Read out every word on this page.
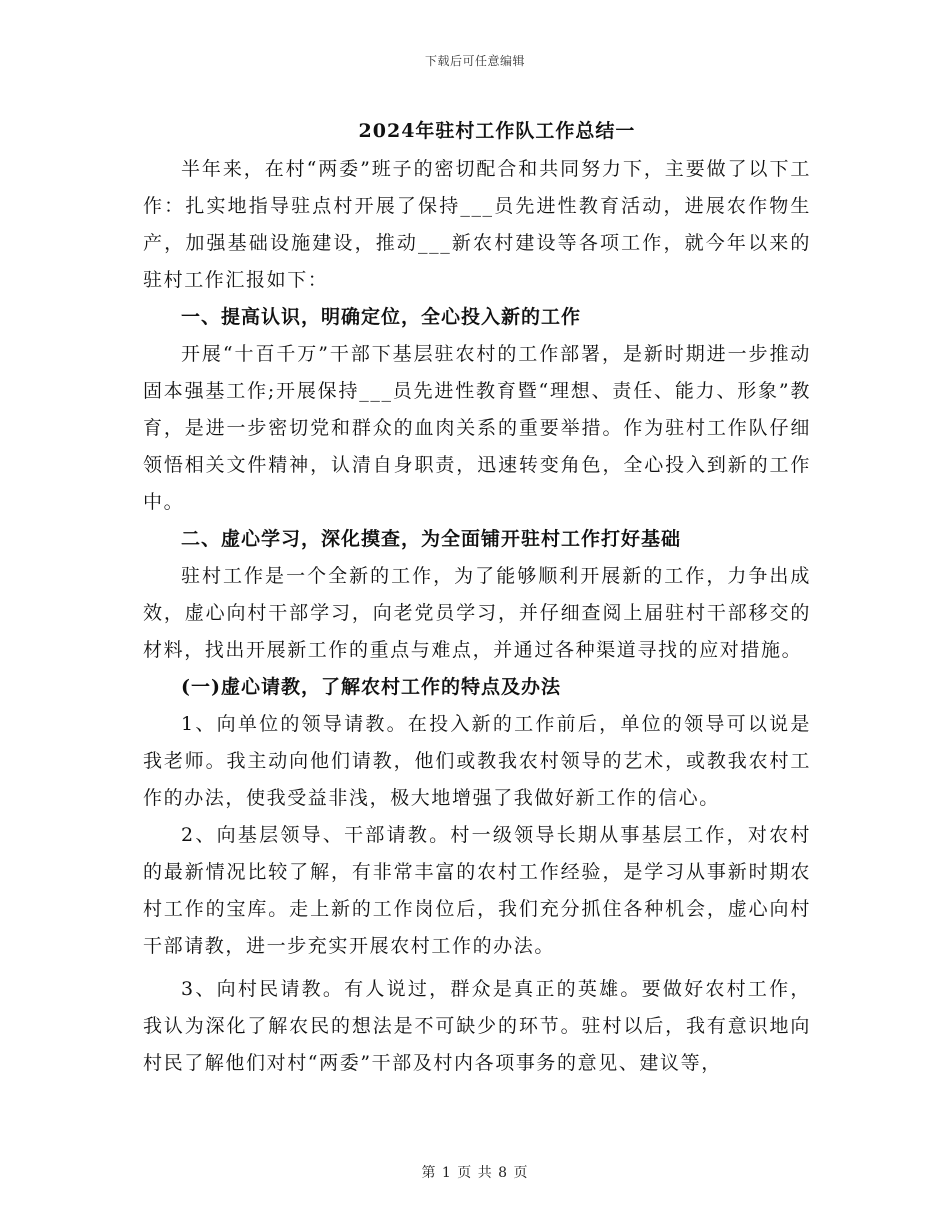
下载后可任意编辑
2024年驻村工作队工作总结一

半年来，在村“两委”班子的密切配合和共同努力下，主要做了以下工作：扎实地指导驻点村开展了保持___员先进性教育活动，进展农作物生产，加强基础设施建设，推动___新农村建设等各项工作，就今年以来的驻村工作汇报如下：

一、提高认识，明确定位，全心投入新的工作

开展“十百千万”干部下基层驻农村的工作部署，是新时期进一步推动固本强基工作;开展保持___员先进性教育暨“理想、责任、能力、形象”教育，是进一步密切党和群众的血肉关系的重要举措。作为驻村工作队仔细领悟相关文件精神，认清自身职责，迅速转变角色，全心投入到新的工作中。

二、虚心学习，深化摸查，为全面铺开驻村工作打好基础

驻村工作是一个全新的工作，为了能够顺利开展新的工作，力争出成效，虚心向村干部学习，向老党员学习，并仔细查阅上届驻村干部移交的材料，找出开展新工作的重点与难点，并通过各种渠道寻找的应对措施。

(一)虚心请教，了解农村工作的特点及办法

1、向单位的领导请教。在投入新的工作前后，单位的领导可以说是我老师。我主动向他们请教，他们或教我农村领导的艺术，或教我农村工作的办法，使我受益非浅，极大地增强了我做好新工作的信心。

2、向基层领导、干部请教。村一级领导长期从事基层工作，对农村的最新情况比较了解，有非常丰富的农村工作经验，是学习从事新时期农村工作的宝库。走上新的工作岗位后，我们充分抓住各种机会，虚心向村干部请教，进一步充实开展农村工作的办法。

3、向村民请教。有人说过，群众是真正的英雄。要做好农村工作，我认为深化了解农民的想法是不可缺少的环节。驻村以后，我有意识地向村民了解他们对村“两委”干部及村内各项事务的意见、建议等，

第 1 页 共 8 页
